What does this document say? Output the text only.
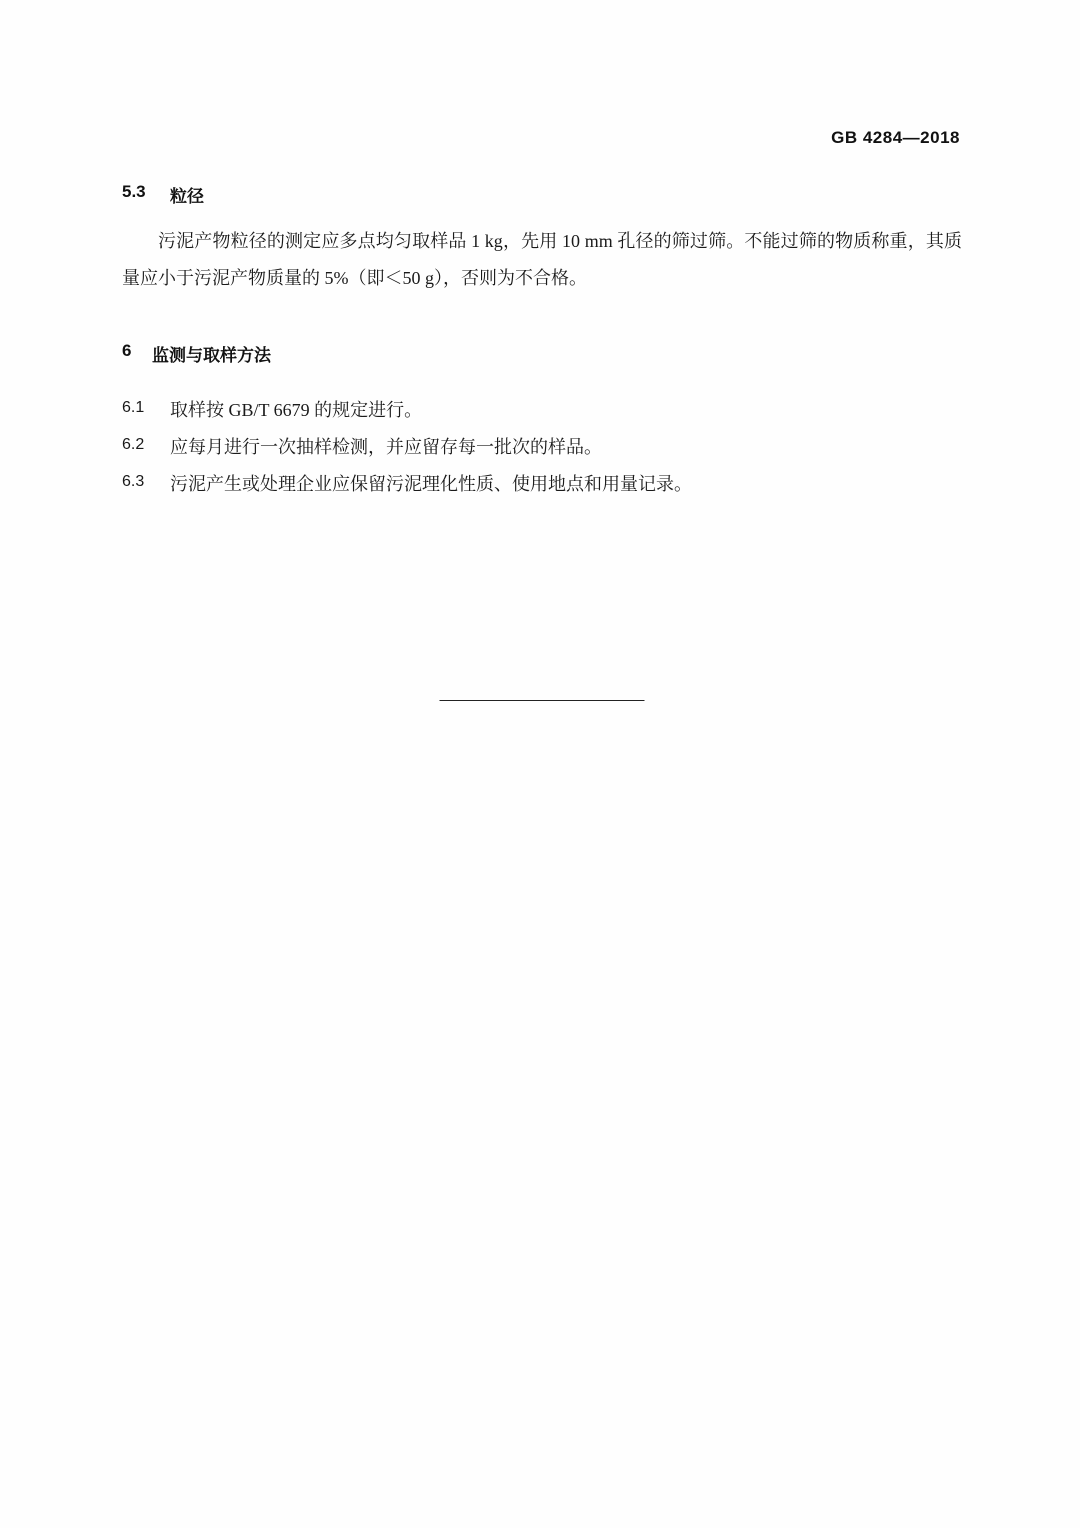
GB 4284—2018
5.3	粒径

污泥产物粒径的测定应多点均匀取样品 1 kg，先用 10 mm 孔径的筛过筛。不能过筛的物质称重，其质量应小于污泥产物质量的 5%（即＜50 g），否则为不合格。

6	监测与取样方法
6.1	取样按 GB/T 6679 的规定进行。
6.2	应每月进行一次抽样检测，并应留存每一批次的样品。
6.3	污泥产生或处理企业应保留污泥理化性质、使用地点和用量记录。
